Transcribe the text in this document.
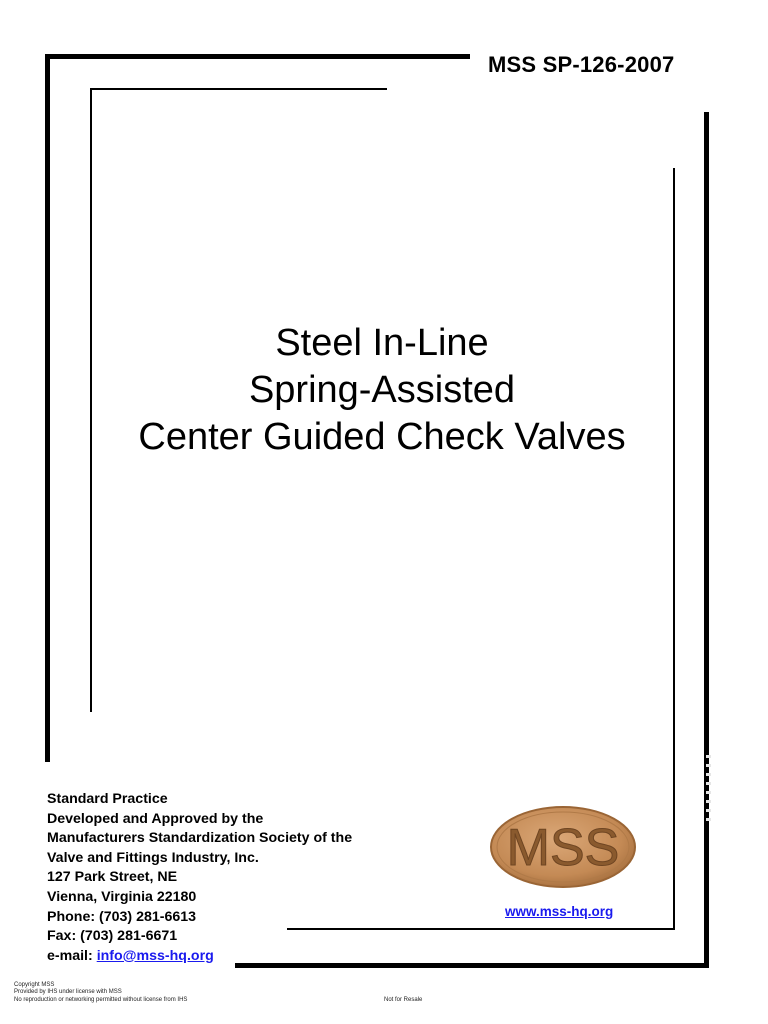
MSS SP-126-2007
Steel In-Line
Spring-Assisted
Center Guided Check Valves
Standard Practice
Developed and Approved by the
Manufacturers Standardization Society of the
Valve and Fittings Industry, Inc.
127 Park Street, NE
Vienna, Virginia 22180
Phone: (703) 281-6613
Fax: (703) 281-6671
e-mail: info@mss-hq.org
MSS
www.mss-hq.org
Copyright MSS
Provided by IHS under license with MSS
No reproduction or networking permitted without license from IHS	Not for Resale
